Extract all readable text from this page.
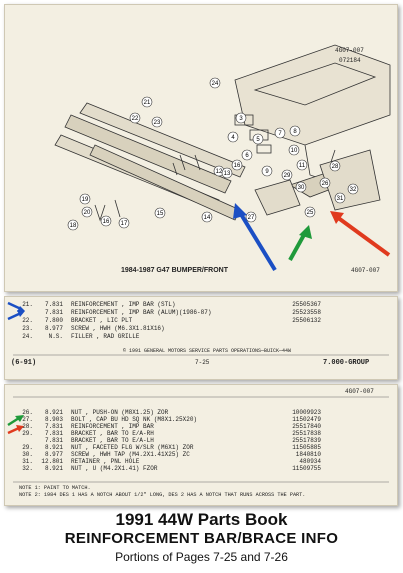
21
23
22
24
17
16
15
14
16
5
3
4
6
7 8
9
10
11
12 13
18
19
20	25
26
27
28
29
30
31
32
4G07-007
072184
1984-1987 G47 BUMPER/FRONT	4G07-007
21. 7.831 REINFORCEMENT , IMP BAR (STL)	25505367
7.831 REINFORCEMENT , IMP BAR (ALUM)(1986-87)	25523558
22. 7.800 BRACKET , LIC PLT	25506132
23. 8.977 SCREW , HWH (M6.3X1.81X16)
24.	N.S. FILLER , RAD GRILLE
© 1991 GENERAL MOTORS SERVICE PARTS OPERATIONS—BUICK—44W
(6-91)	7-25	7.000-GROUP
4G07-007
26. 8.921 NUT , PUSH-ON (M8X1.25) ZOR	10009923
27. 8.903 BOLT , CAP BU HD SQ NK (M8X1.25X20)	11502479
28. 7.831 REINFORCEMENT , IMP BAR	25517840
29. 7.831 BRACKET , BAR TO E/A-RH	25517838
7.831 BRACKET , BAR TO E/A-LH	25517839
29. 8.921 NUT , FACETED FLG W/SLR (M6X1) ZOR	11505885
30. 8.977 SCREW , HWH TAP (M4.2X1.41X25) ZC	1840810
31. 12.801 RETAINER , PNL HOLE	480934
32. 8.921 NUT , U (M4.2X1.41) FZOR	11509755
NOTE 1: PAINT TO MATCH.
NOTE 2: 1984 DES 1 HAS A NOTCH ABOUT 1/2" LONG, DES 2 HAS A NOTCH THAT RUNS ACROSS THE PART.
1991 44W Parts Book
REINFORCEMENT BAR/BRACE INFO
Portions of Pages 7-25 and 7-26
